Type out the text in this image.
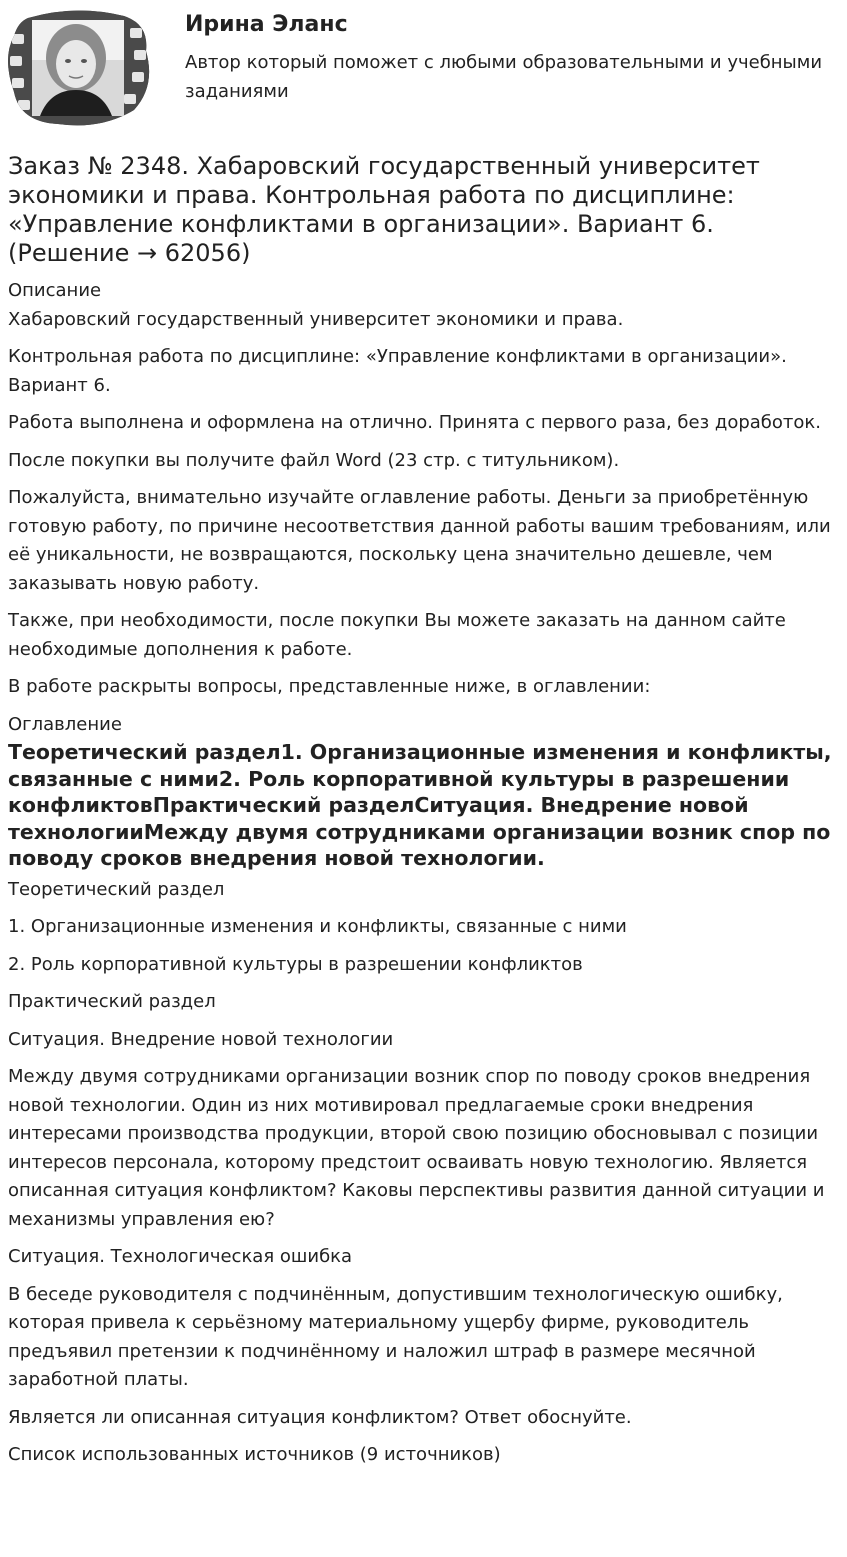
Ирина Эланс
Автор который поможет с любыми образовательными и учебными заданиями
Заказ № 2348. Хабаровский государственный университет экономики и права. Контрольная работа по дисциплине: «Управление конфликтами в организации». Вариант 6. (Решение → 62056)
Описание

Хабаровский государственный университет экономики и права.

Контрольная работа по дисциплине: «Управление конфликтами в организации». Вариант 6.

Работа выполнена и оформлена на отлично. Принята с первого раза, без доработок.

После покупки вы получите файл Word (23 стр. с титульником).

Пожалуйста, внимательно изучайте оглавление работы. Деньги за приобретённую готовую работу, по причине несоответствия данной работы вашим требованиям, или её уникальности, не возвращаются, поскольку цена значительно дешевле, чем заказывать новую работу.

Также, при необходимости, после покупки Вы можете заказать на данном сайте необходимые дополнения к работе.

В работе раскрыты вопросы, представленные ниже, в оглавлении:

Оглавление

Теоретический раздел1. Организационные изменения и конфликты, связанные с ними2. Роль корпоративной культуры в разрешении конфликтовПрактический разделСитуация. Внедрение новой технологииМежду двумя сотрудниками организации возник спор по поводу сроков внедрения новой технологии.

Теоретический раздел

1. Организационные изменения и конфликты, связанные с ними

2. Роль корпоративной культуры в разрешении конфликтов

Практический раздел

Ситуация. Внедрение новой технологии

Между двумя сотрудниками организации возник спор по поводу сроков внедрения новой технологии. Один из них мотивировал предлагаемые сроки внедрения интересами производства продукции, второй свою позицию обосновывал с позиции интересов персонала, которому предстоит осваивать новую технологию. Является описанная ситуация конфликтом? Каковы перспективы развития данной ситуации и механизмы управления ею?

Ситуация. Технологическая ошибка

В беседе руководителя с подчинённым, допустившим технологическую ошибку, которая привела к серьёзному материальному ущербу фирме, руководитель предъявил претензии к подчинённому и наложил штраф в размере месячной заработной платы.

Является ли описанная ситуация конфликтом? Ответ обоснуйте.

Список использованных источников (9 источников)
